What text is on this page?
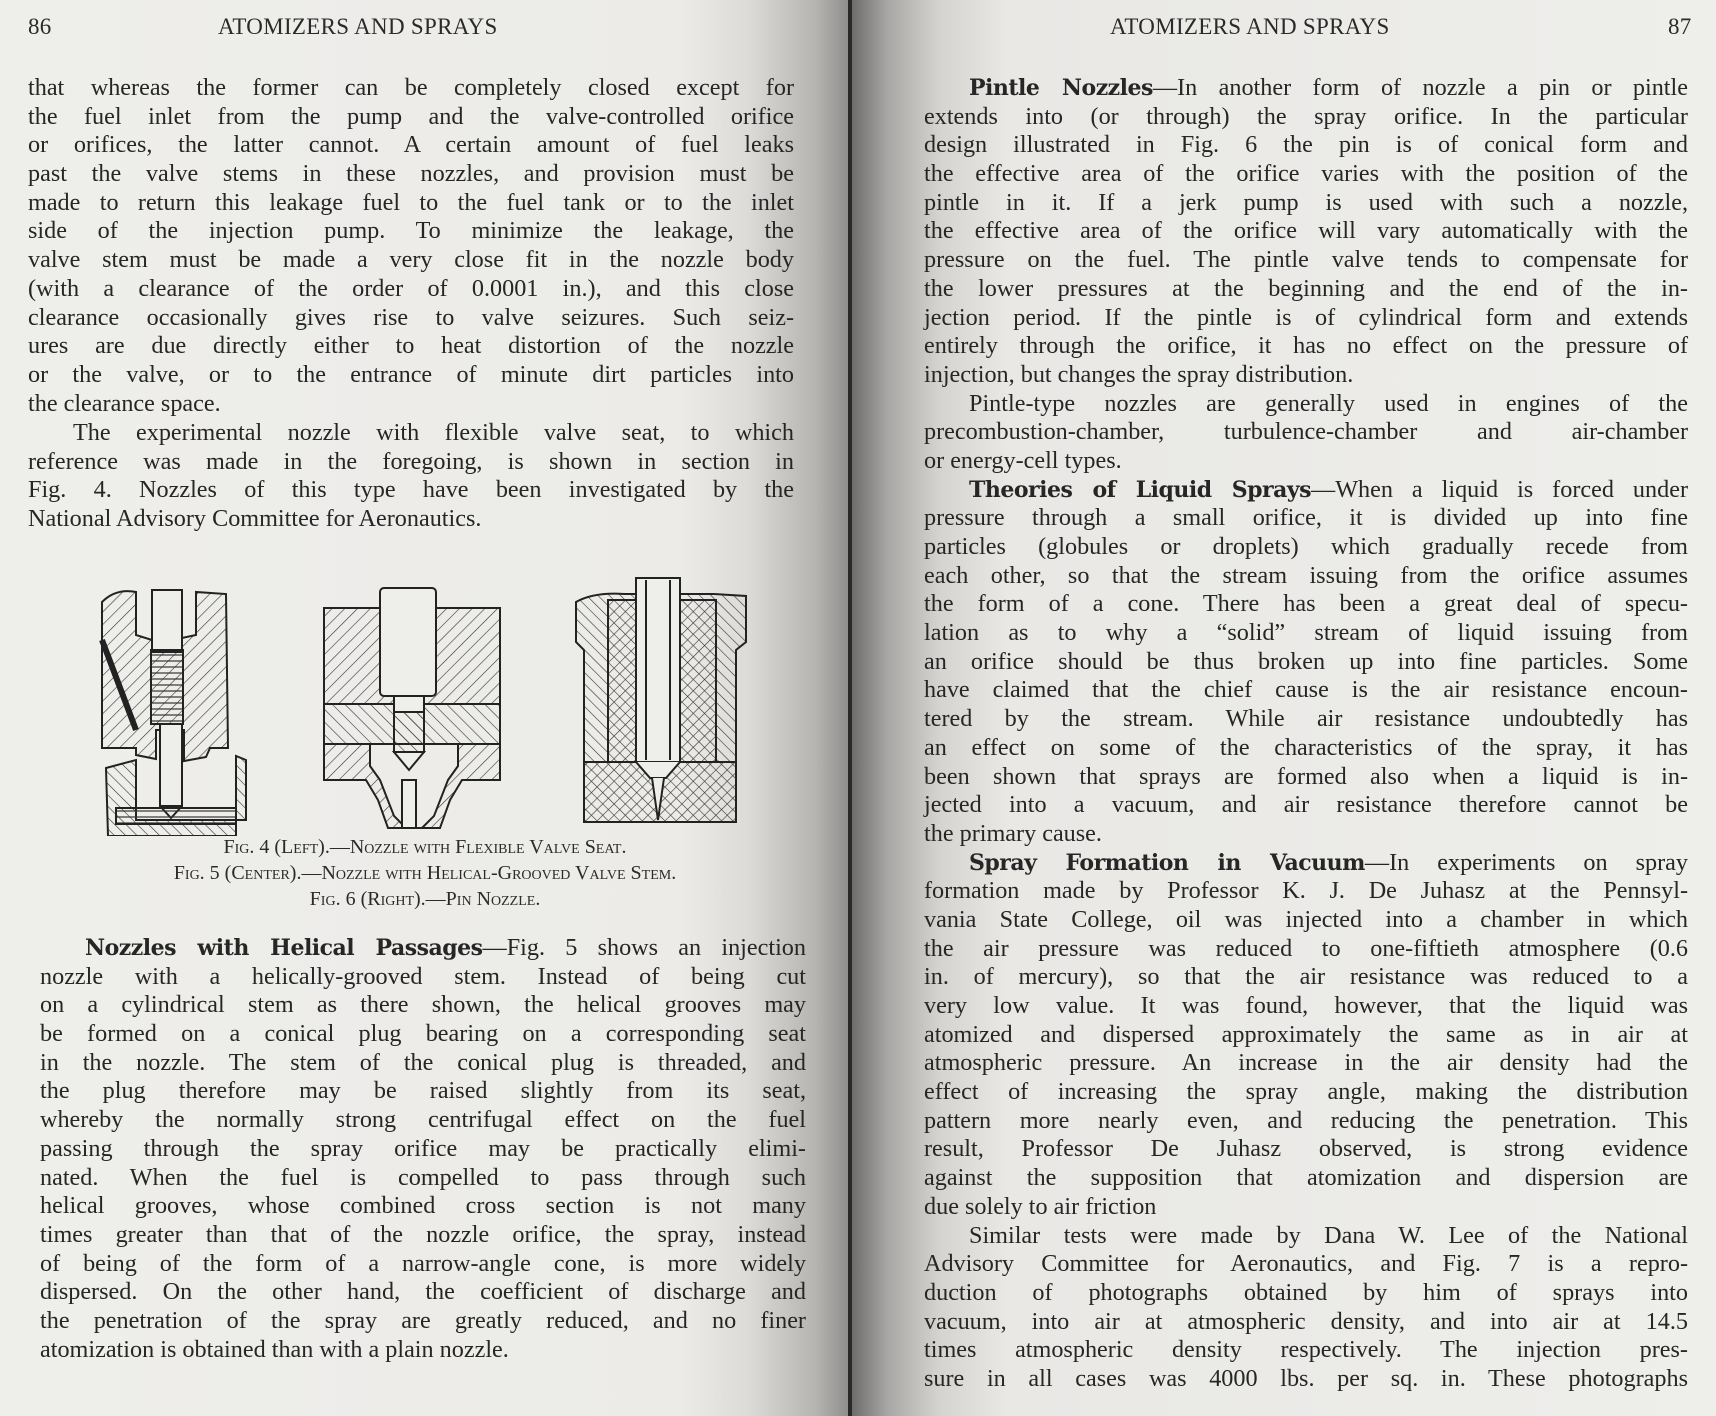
86	ATOMIZERS AND SPRAYS
that whereas the former can be completely closed except for
the fuel inlet from the pump and the valve-controlled orifice
or orifices, the latter cannot. A certain amount of fuel leaks
past the valve stems in these nozzles, and provision must be
made to return this leakage fuel to the fuel tank or to the inlet
side of the injection pump. To minimize the leakage, the
valve stem must be made a very close fit in the nozzle body
(with a clearance of the order of 0.0001 in.), and this close
clearance occasionally gives rise to valve seizures. Such seiz-
ures are due directly either to heat distortion of the nozzle
or the valve, or to the entrance of minute dirt particles into
the clearance space.
The experimental nozzle with flexible valve seat, to which
reference was made in the foregoing, is shown in section in
Fig. 4. Nozzles of this type have been investigated by the
National Advisory Committee for Aeronautics.
Fig. 4 (Left).—Nozzle with Flexible Valve Seat.
Fig. 5 (Center).—Nozzle with Helical-Grooved Valve Stem.
Fig. 6 (Right).—Pin Nozzle.
Nozzles with Helical Passages—Fig. 5 shows an injection
nozzle with a helically-grooved stem. Instead of being cut
on a cylindrical stem as there shown, the helical grooves may
be formed on a conical plug bearing on a corresponding seat
in the nozzle. The stem of the conical plug is threaded, and
the plug therefore may be raised slightly from its seat,
whereby the normally strong centrifugal effect on the fuel
passing through the spray orifice may be practically elimi-
nated. When the fuel is compelled to pass through such
helical grooves, whose combined cross section is not many
times greater than that of the nozzle orifice, the spray, instead
of being of the form of a narrow-angle cone, is more widely
dispersed. On the other hand, the coefficient of discharge and
the penetration of the spray are greatly reduced, and no finer
atomization is obtained than with a plain nozzle.
ATOMIZERS AND SPRAYS	87
Pintle Nozzles—In another form of nozzle a pin or pintle
extends into (or through) the spray orifice. In the particular
design illustrated in Fig. 6 the pin is of conical form and
the effective area of the orifice varies with the position of the
pintle in it. If a jerk pump is used with such a nozzle,
the effective area of the orifice will vary automatically with the
pressure on the fuel. The pintle valve tends to compensate for
the lower pressures at the beginning and the end of the in-
jection period. If the pintle is of cylindrical form and extends
entirely through the orifice, it has no effect on the pressure of
injection, but changes the spray distribution.
Pintle-type nozzles are generally used in engines of the
precombustion-chamber, turbulence-chamber and air-chamber
or energy-cell types.
Theories of Liquid Sprays—When a liquid is forced under
pressure through a small orifice, it is divided up into fine
particles (globules or droplets) which gradually recede from
each other, so that the stream issuing from the orifice assumes
the form of a cone. There has been a great deal of specu-
lation as to why a “solid” stream of liquid issuing from
an orifice should be thus broken up into fine particles. Some
have claimed that the chief cause is the air resistance encoun-
tered by the stream. While air resistance undoubtedly has
an effect on some of the characteristics of the spray, it has
been shown that sprays are formed also when a liquid is in-
jected into a vacuum, and air resistance therefore cannot be
the primary cause.
Spray Formation in Vacuum—In experiments on spray
formation made by Professor K. J. De Juhasz at the Pennsyl-
vania State College, oil was injected into a chamber in which
the air pressure was reduced to one-fiftieth atmosphere (0.6
in. of mercury), so that the air resistance was reduced to a
very low value. It was found, however, that the liquid was
atomized and dispersed approximately the same as in air at
atmospheric pressure. An increase in the air density had the
effect of increasing the spray angle, making the distribution
pattern more nearly even, and reducing the penetration. This
result, Professor De Juhasz observed, is strong evidence
against the supposition that atomization and dispersion are
due solely to air friction
Similar tests were made by Dana W. Lee of the National
Advisory Committee for Aeronautics, and Fig. 7 is a repro-
duction of photographs obtained by him of sprays into
vacuum, into air at atmospheric density, and into air at 14.5
times atmospheric density respectively. The injection pres-
sure in all cases was 4000 lbs. per sq. in. These photographs
